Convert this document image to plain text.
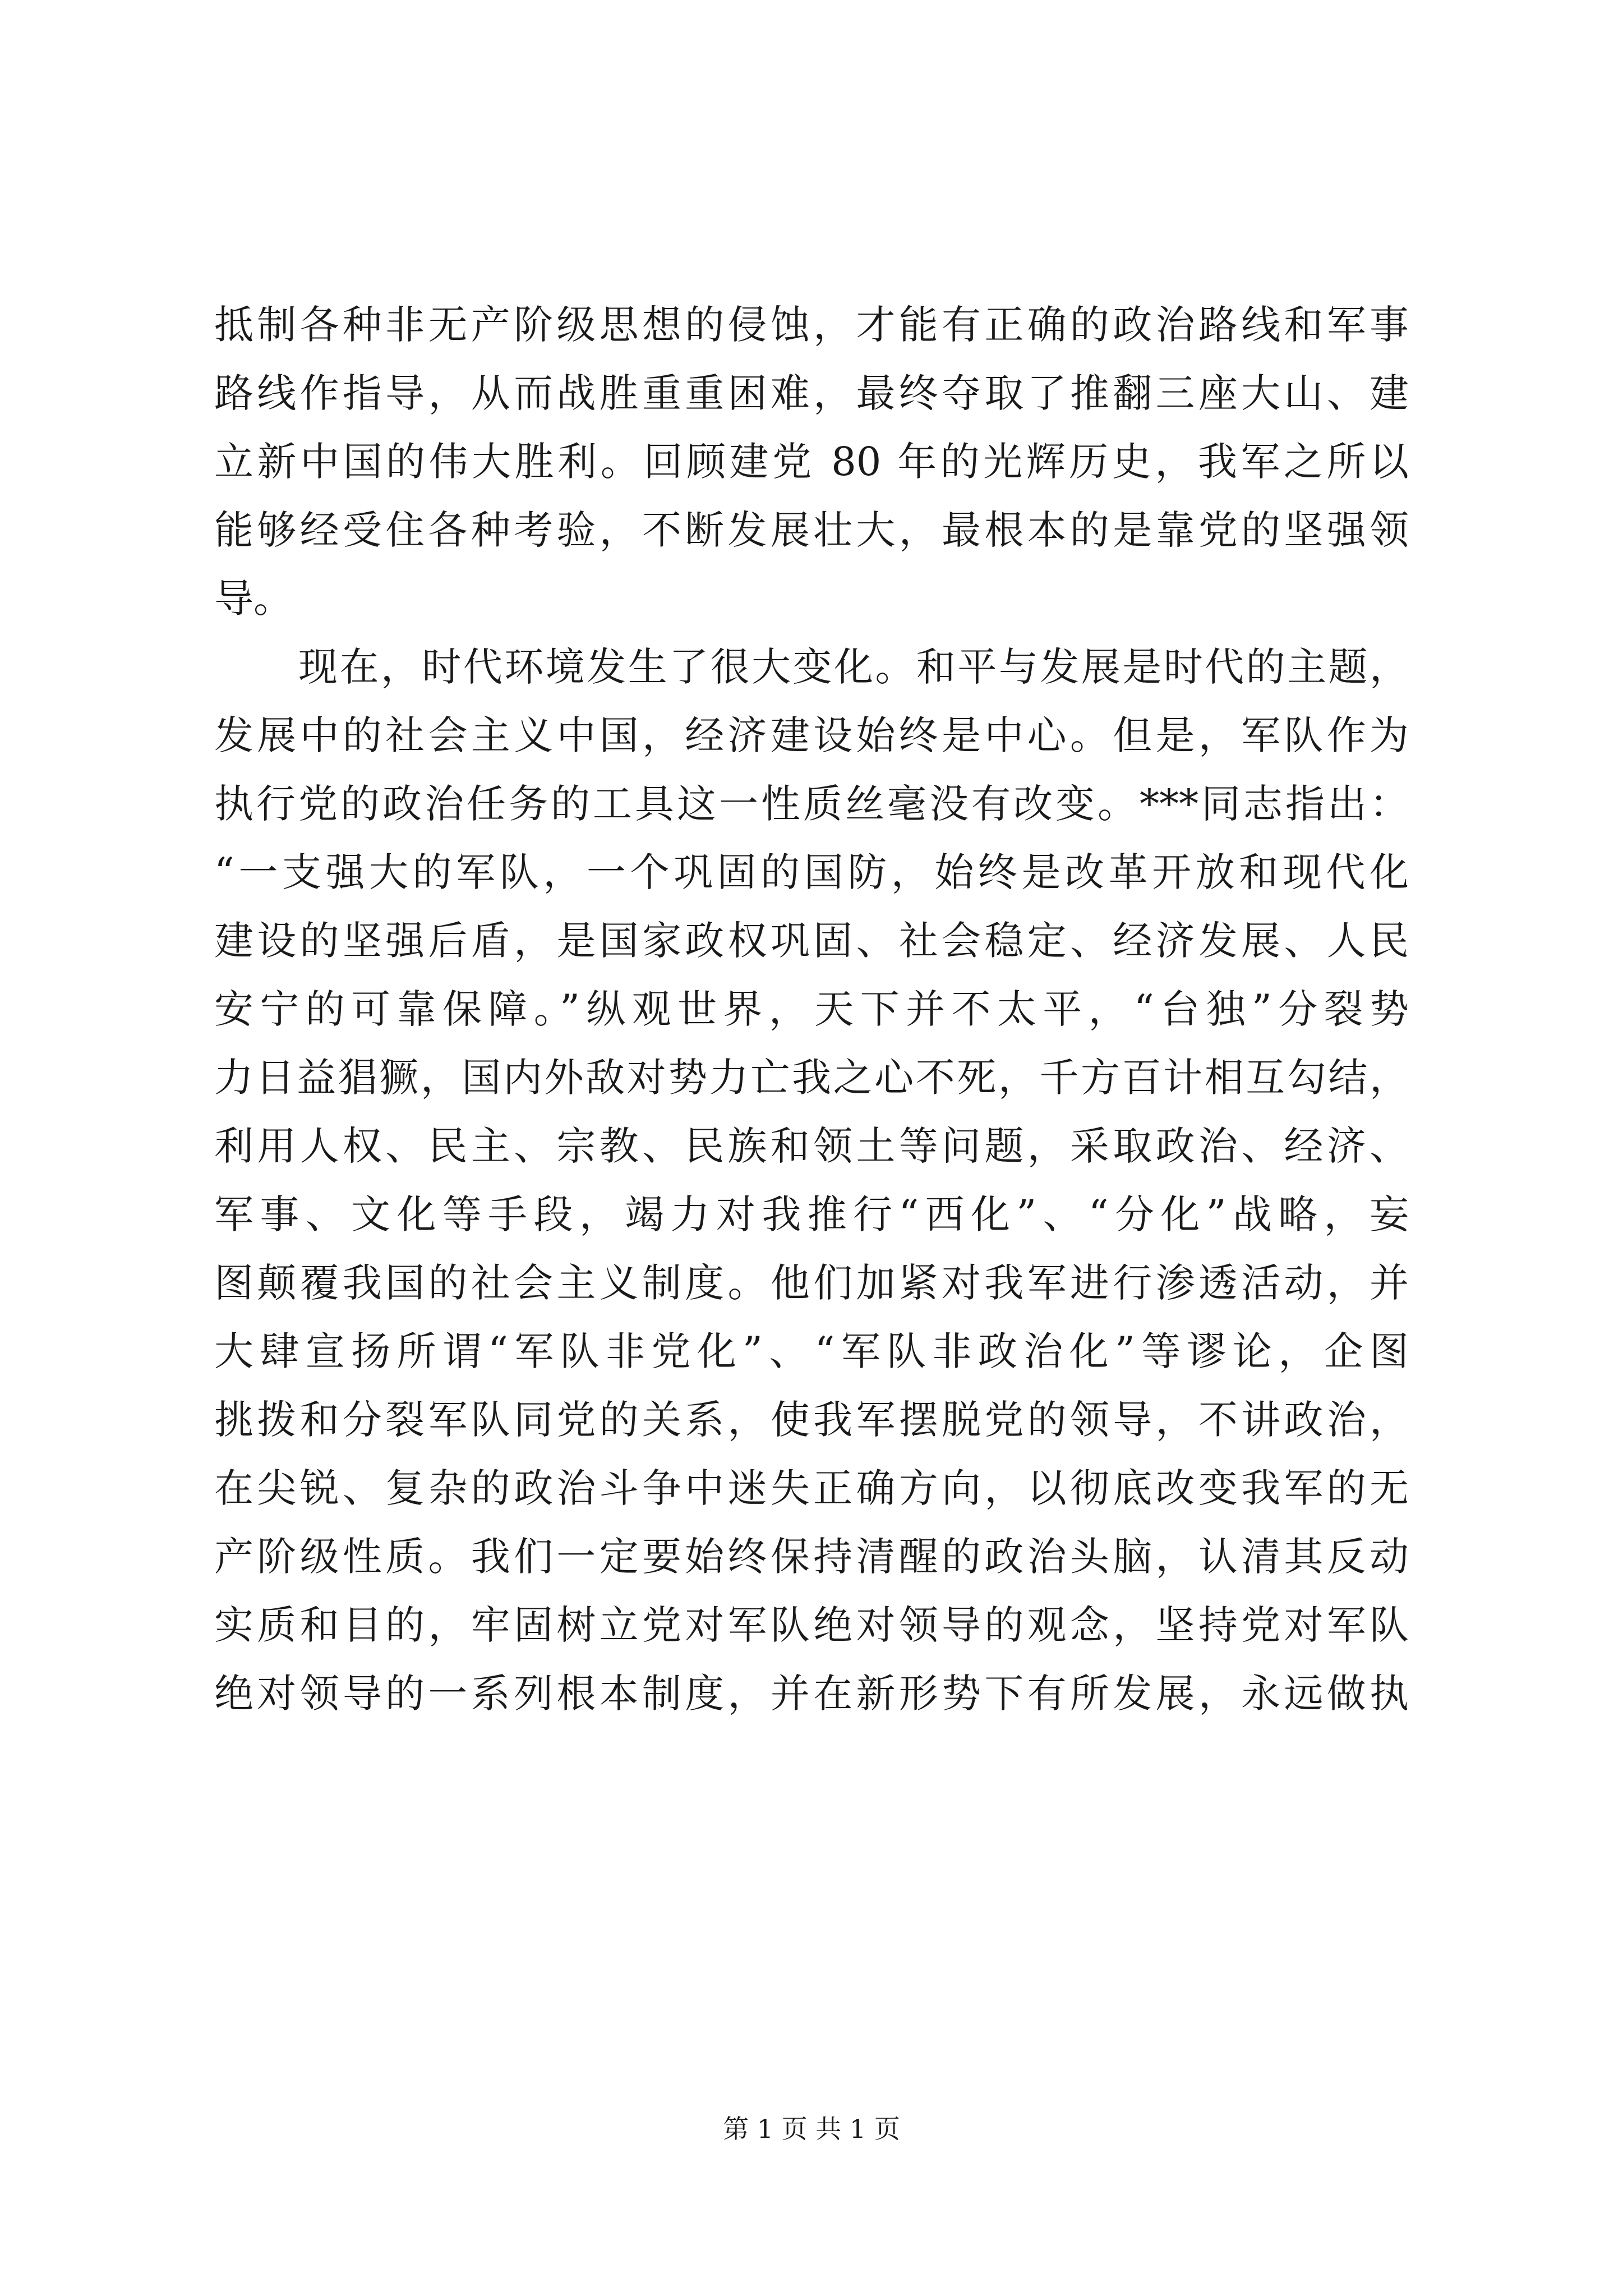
抵制各种非无产阶级思想的侵蚀，才能有正确的政治路线和军事
路线作指导，从而战胜重重困难，最终夺取了推翻三座大山、建
立新中国的伟大胜利。回顾建党 80 年的光辉历史，我军之所以
能够经受住各种考验，不断发展壮大，最根本的是靠党的坚强领
导。
现在，时代环境发生了很大变化。和平与发展是时代的主题，
发展中的社会主义中国，经济建设始终是中心。但是，军队作为
执行党的政治任务的工具这一性质丝毫没有改变。***同志指出：
“一支强大的军队，一个巩固的国防，始终是改革开放和现代化
建设的坚强后盾，是国家政权巩固、社会稳定、经济发展、人民
安宁的可靠保障。”纵观世界，天下并不太平，“台独”分裂势
力日益猖獗，国内外敌对势力亡我之心不死，千方百计相互勾结，
利用人权、民主、宗教、民族和领土等问题，采取政治、经济、
军事、文化等手段，竭力对我推行“西化”、“分化”战略，妄
图颠覆我国的社会主义制度。他们加紧对我军进行渗透活动，并
大肆宣扬所谓“军队非党化”、“军队非政治化”等谬论，企图
挑拨和分裂军队同党的关系，使我军摆脱党的领导，不讲政治，
在尖锐、复杂的政治斗争中迷失正确方向，以彻底改变我军的无
产阶级性质。我们一定要始终保持清醒的政治头脑，认清其反动
实质和目的，牢固树立党对军队绝对领导的观念，坚持党对军队
绝对领导的一系列根本制度，并在新形势下有所发展，永远做执
第 1 页 共 1 页
